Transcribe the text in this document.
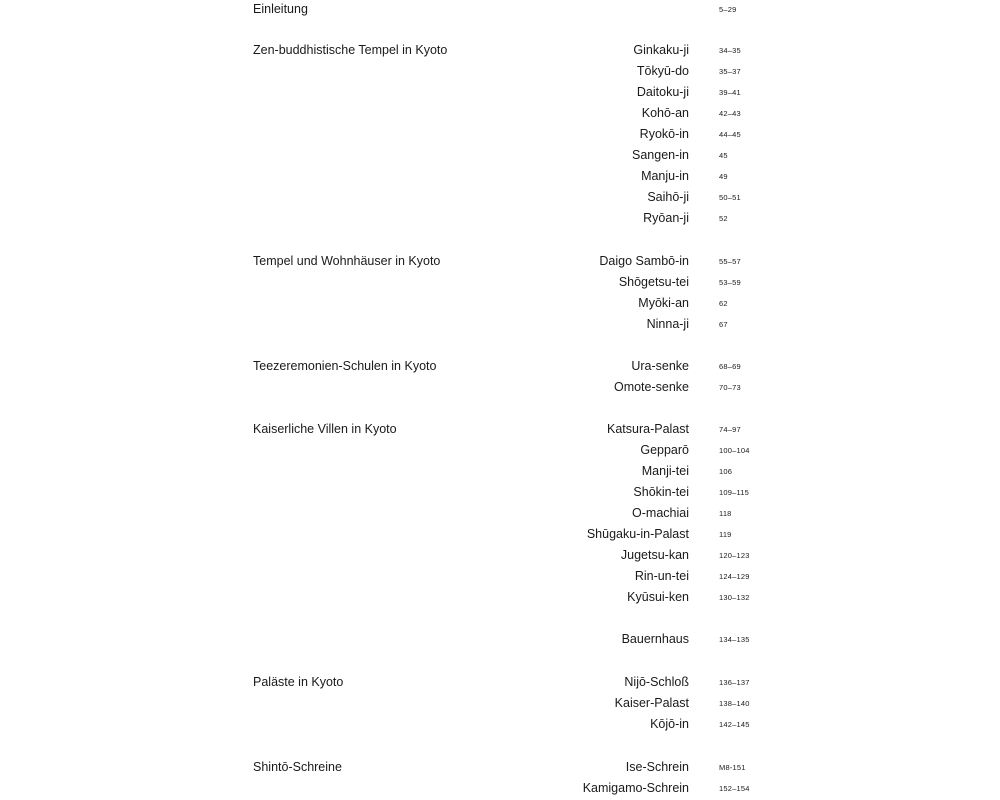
Einleitung	5–29
Zen-buddhistische Tempel in Kyoto	Ginkaku-ji	34–35
Tōkyū-do	35–37
Daitoku-ji	39–41
Kohō-an	42–43
Ryokō-in	44–45
Sangen-in	45
Manju-in	49
Saihō-ji	50–51
Ryōan-ji	52
Tempel und Wohnhäuser in Kyoto	Daigo Sambō-in	55–57
Shōgetsu-tei	53–59
Myōki-an	62
Ninna-ji	67
Teezeremonien-Schulen in Kyoto	Ura-senke	68–69
Omote-senke	70–73
Kaiserliche Villen in Kyoto	Katsura-Palast	74–97
Gepparō	100–104
Manji-tei	106
Shōkin-tei	109–115
O-machiai	118
Shūgaku-in-Palast	119
Jugetsu-kan	120–123
Rin-un-tei	124–129
Kyūsui-ken	130–132
Bauernhaus	134–135
Paläste in Kyoto	Nijō-Schloß	136–137
Kaiser-Palast	138–140
Kōjō-in	142–145
Shintō-Schreine	Ise-Schrein	M8-151
Kamigamo-Schrein	152–154
